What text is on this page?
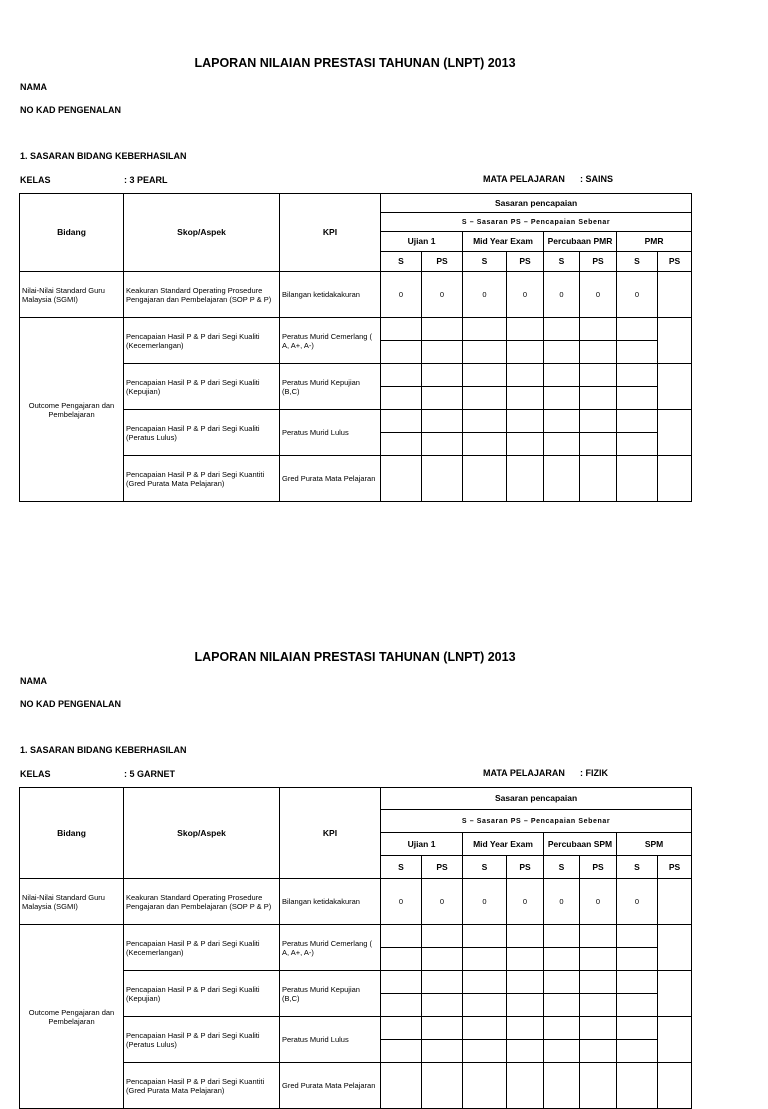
LAPORAN NILAIAN PRESTASI TAHUNAN (LNPT) 2013
NAMA
NO KAD PENGENALAN
1. SASARAN BIDANG KEBERHASILAN
KELAS	: 3 PEARL	MATA PELAJARAN : SAINS
Bidang	Skop/Aspek	KPI	Sasaran pencapaian							
			S – Sasaran PS – Pencapaian Sebenar							
			Ujian 1		Mid Year Exam		Percubaan PMR		PMR	
			S	PS	S	PS	S	PS	S	PS
Nilai-Nilai Standard Guru Malaysia (SGMI)	Keakuran Standard Operating Prosedure Pengajaran dan Pembelajaran (SOP P & P)	Bilangan ketidakakuran	0	0	0	0	0	0	0	
Outcome Pengajaran dan Pembelajaran	Pencapaian Hasil P & P dari Segi Kualiti (Kecemerlangan)	Peratus Murid Cemerlang ( A, A+, A-)								

	Pencapaian Hasil P & P dari Segi Kualiti (Kepujian)	Peratus Murid Kepujian (B,C)								

	Pencapaian Hasil P & P dari Segi Kualiti (Peratus Lulus)	Peratus Murid Lulus								

	Pencapaian Hasil P & P dari Segi Kuantiti (Gred Purata Mata Pelajaran)	Gred Purata Mata Pelajaran								

LAPORAN NILAIAN PRESTASI TAHUNAN (LNPT) 2013
NAMA
NO KAD PENGENALAN
1. SASARAN BIDANG KEBERHASILAN
KELAS	: 5 GARNET	MATA PELAJARAN : FIZIK
Bidang	Skop/Aspek	KPI	Sasaran pencapaian							
			S – Sasaran PS – Pencapaian Sebenar							
			Ujian 1		Mid Year Exam		Percubaan SPM		SPM	
			S	PS	S	PS	S	PS	S	PS
Nilai-Nilai Standard Guru Malaysia (SGMI)	Keakuran Standard Operating Prosedure Pengajaran dan Pembelajaran (SOP P & P)	Bilangan ketidakakuran	0	0	0	0	0	0	0	
Outcome Pengajaran dan Pembelajaran	Pencapaian Hasil P & P dari Segi Kualiti (Kecemerlangan)	Peratus Murid Cemerlang ( A, A+, A-)								

	Pencapaian Hasil P & P dari Segi Kualiti (Kepujian)	Peratus Murid Kepujian (B,C)								

	Pencapaian Hasil P & P dari Segi Kualiti (Peratus Lulus)	Peratus Murid Lulus								

	Pencapaian Hasil P & P dari Segi Kuantiti (Gred Purata Mata Pelajaran)	Gred Purata Mata Pelajaran								
